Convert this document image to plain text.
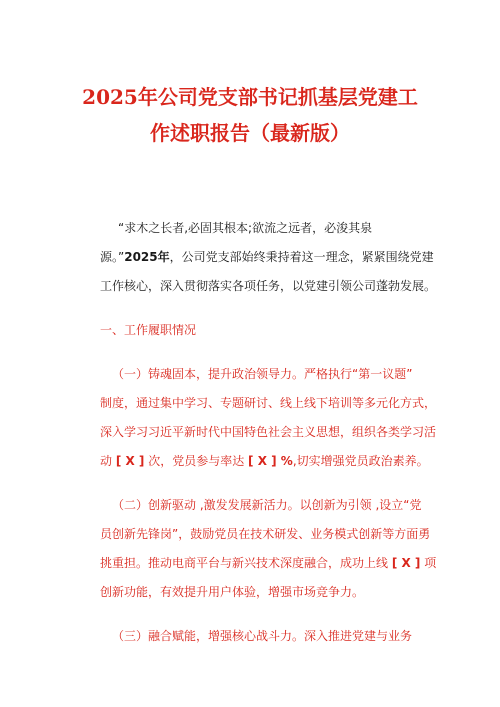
2025年公司党支部书记抓基层党建工
作述职报告（最新版）
“求木之长者,必固其根本;欲流之远者，必浚其泉
源。”2025年，公司党支部始终秉持着这一理念，紧紧围绕党建
工作核心，深入贯彻落实各项任务，以党建引领公司蓬勃发展。
一、工作履职情况
（一）铸魂固本，提升政治领导力。严格执行“第一议题”
制度，通过集中学习、专题研讨、线上线下培训等多元化方式，
深入学习习近平新时代中国特色社会主义思想，组织各类学习活
动 [ X ] 次，党员参与率达 [ X ] %,切实增强党员政治素养。
（二）创新驱动 ,激发发展新活力。以创新为引领 ,设立“党
员创新先锋岗”，鼓励党员在技术研发、业务模式创新等方面勇
挑重担。推动电商平台与新兴技术深度融合，成功上线 [ X ] 项
创新功能，有效提升用户体验，增强市场竞争力。
（三）融合赋能，增强核心战斗力。深入推进党建与业务
